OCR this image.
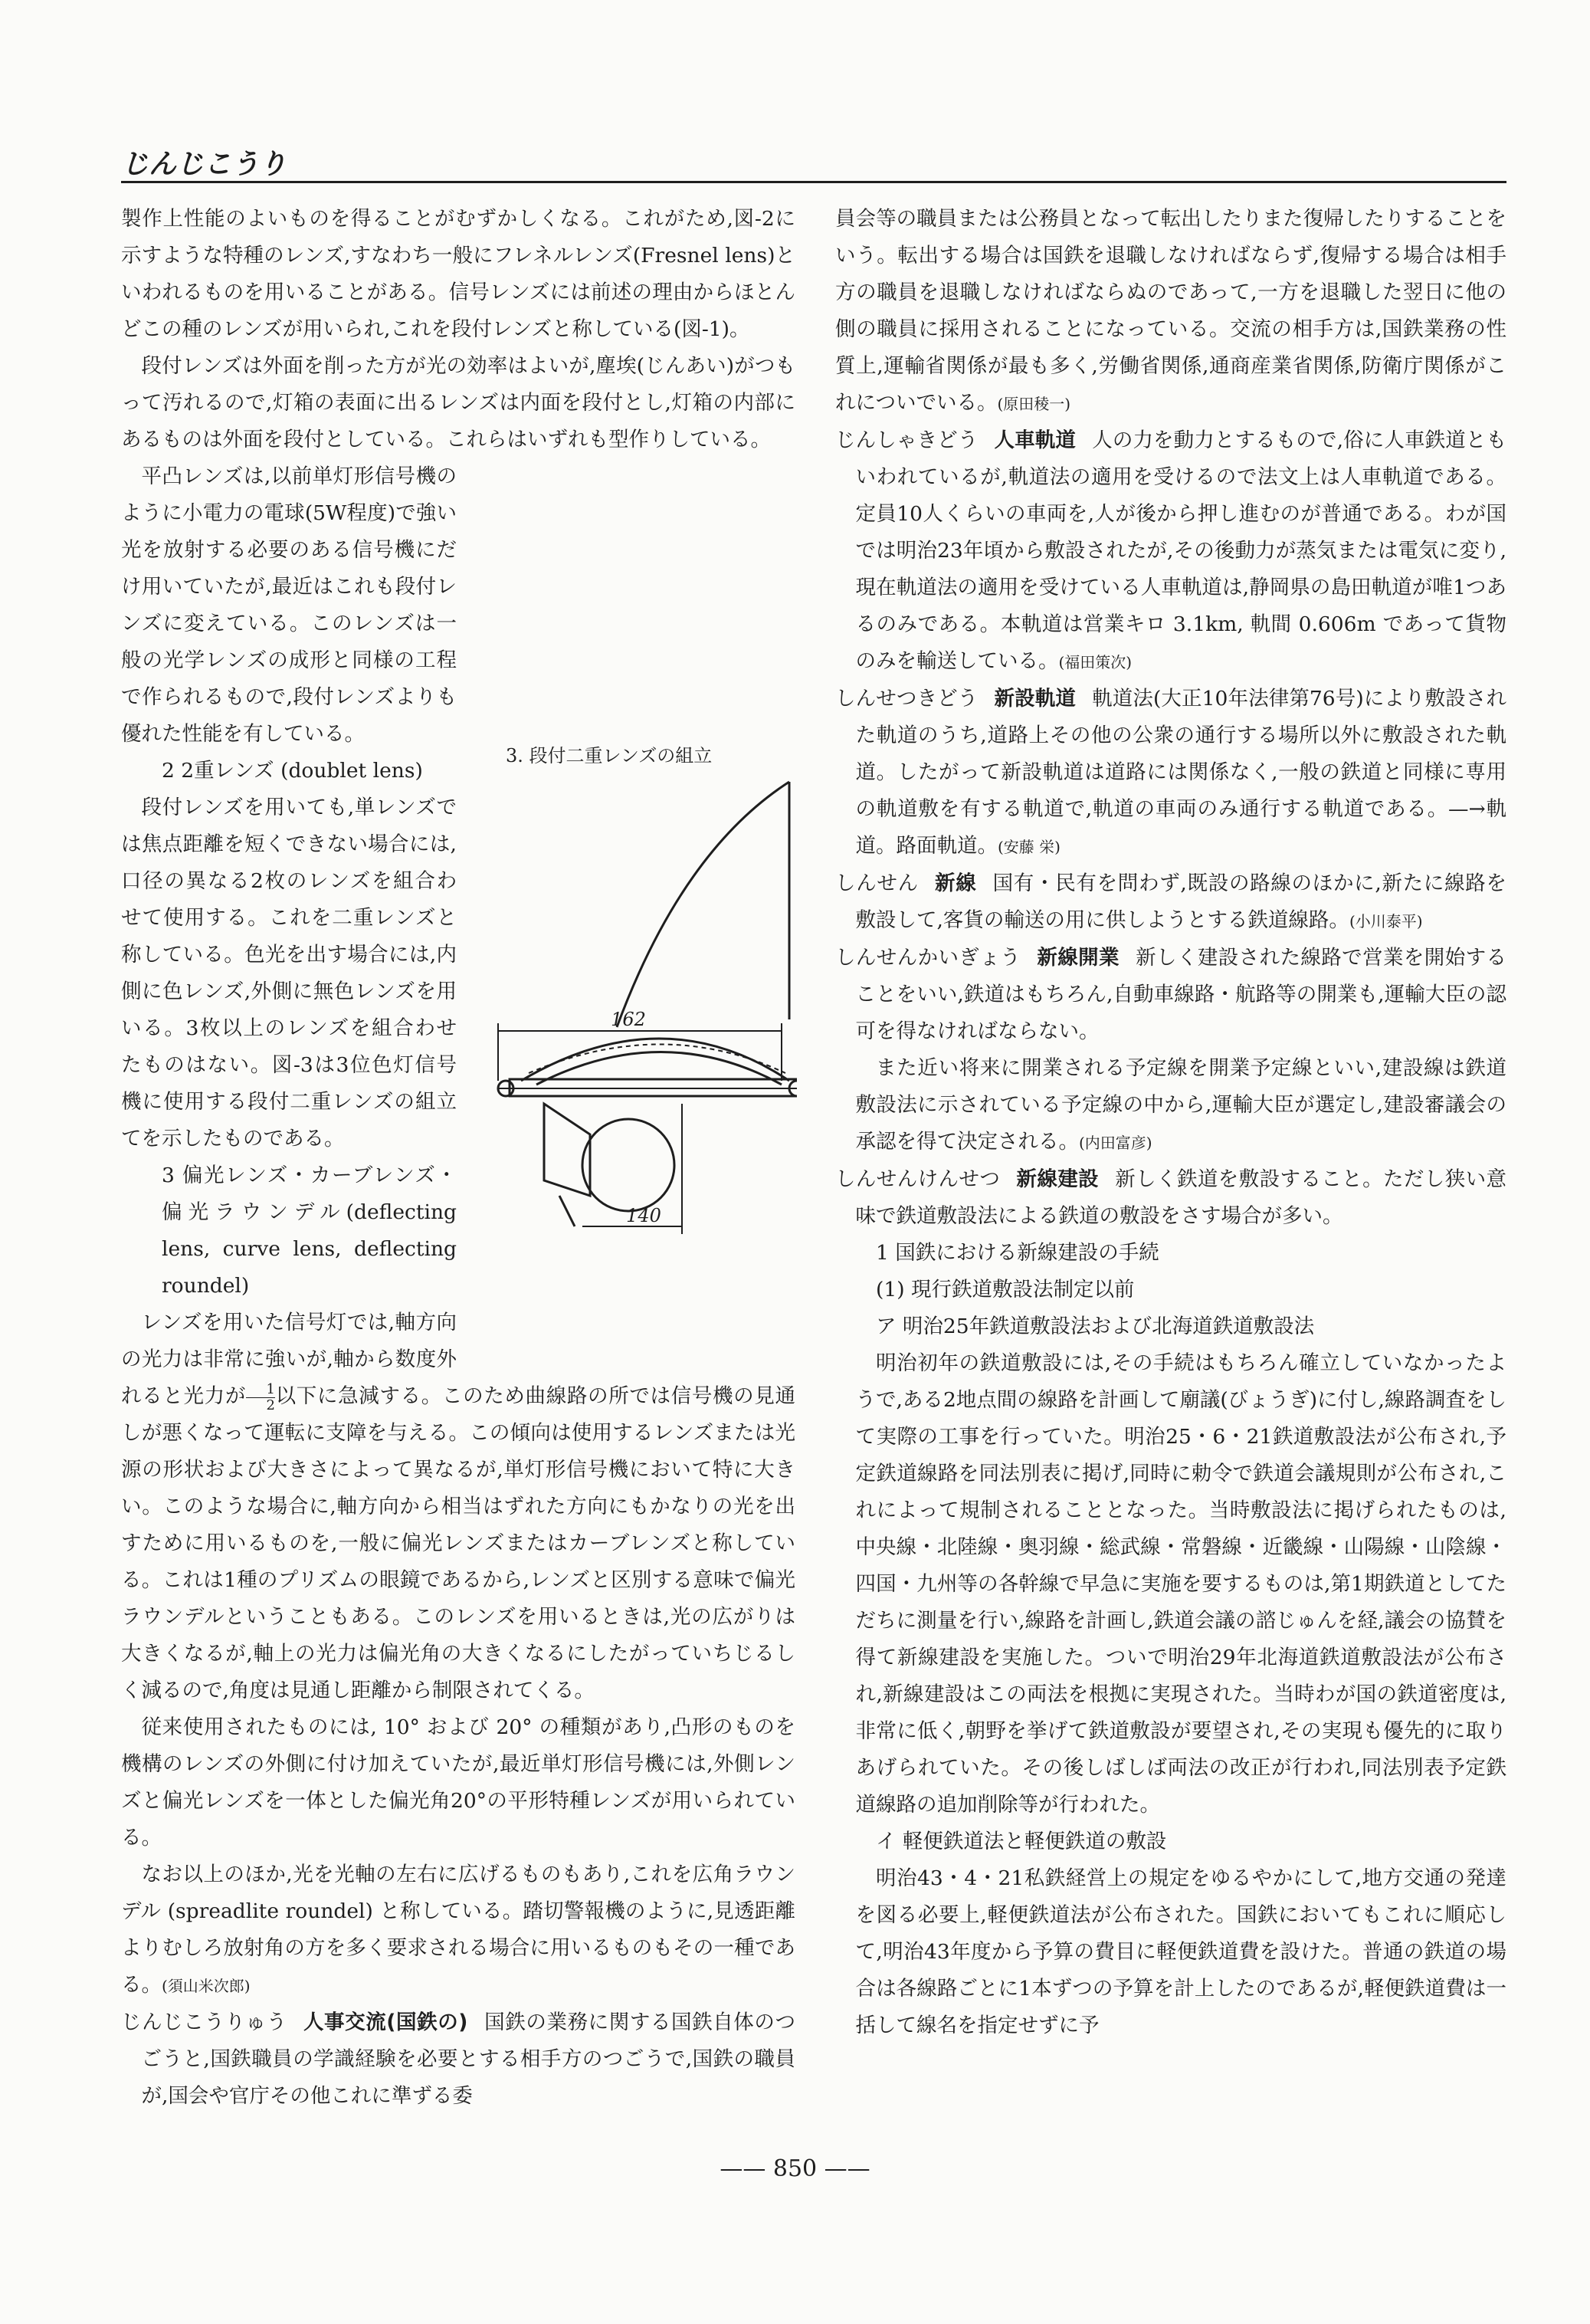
じんじこうり

製作上性能のよいものを得ることがむずかしくなる。これがため,図-2に示すような特種のレンズ,すなわち一般にフレネルレンズ(Fresnel lens)といわれるものを用いることがある。信号レンズには前述の理由からほとんどこの種のレンズが用いられ,これを段付レンズと称している(図-1)。

段付レンズは外面を削った方が光の効率はよいが,塵埃(じんあい)がつもって汚れるので,灯箱の表面に出るレンズは内面を段付とし,灯箱の内部にあるものは外面を段付としている。これらはいずれも型作りしている。

平凸レンズは,以前単灯形信号機のように小電力の電球(5W程度)で強い光を放射する必要のある信号機にだけ用いていたが,最近はこれも段付レンズに変えている。このレンズは一般の光学レンズの成形と同様の工程で作られるもので,段付レンズよりも優れた性能を有している。

2 2重レンズ (doublet lens)

段付レンズを用いても,単レンズでは焦点距離を短くできない場合には,口径の異なる2枚のレンズを組合わせて使用する。これを二重レンズと称している。色光を出す場合には,内側に色レンズ,外側に無色レンズを用いる。3枚以上のレンズを組合わせたものはない。図-3は3位色灯信号機に使用する段付二重レンズの組立てを示したものである。

3 偏光レンズ・カーブレンズ・偏光ラウンデル(deflecting lens, curve lens, deflecting roundel)

レンズを用いた信号灯では,軸方向の光力は非常に強いが,軸から数度外れると光力が $\frac{1}{2}$ 以下に急減する。このため曲線路の所では信号機の見通しが悪くなって運転に支障を与える。この傾向は使用するレンズまたは光源の形状および大きさによって異なるが,単灯形信号機において特に大きい。このような場合に,軸方向から相当はずれた方向にもかなりの光を出すために用いるものを,一般に偏光レンズまたはカーブレンズと称している。これは1種のプリズムの眼鏡であるから,レンズと区別する意味で偏光ラウンデルということもある。このレンズを用いるときは,光の広がりは大きくなるが,軸上の光力は偏光角の大きくなるにしたがっていちじるしく減るので,角度は見通し距離から制限されてくる。

従来使用されたものには, 10° および 20° の種類があり,凸形のものを機構のレンズの外側に付け加えていたが,最近単灯形信号機には,外側レンズと偏光レンズを一体とした偏光角20°の平形特種レンズが用いられている。

なお以上のほか,光を光軸の左右に広げるものもあり,これを広角ラウンデル (spreadlite roundel) と称している。踏切警報機のように,見透距離よりむしろ放射角の方を多く要求される場合に用いるものもその一種である。(須山米次郎)

じんじこうりゅう 人事交流(国鉄の) 国鉄の業務に関する国鉄自体のつごうと,国鉄職員の学識経験を必要とする相手方のつごうで,国鉄の職員が,国会や官庁その他これに準ずる委

員会等の職員または公務員となって転出したりまた復帰したりすることをいう。転出する場合は国鉄を退職しなければならず,復帰する場合は相手方の職員を退職しなければならぬのであって,一方を退職した翌日に他の側の職員に採用されることになっている。交流の相手方は,国鉄業務の性質上,運輸省関係が最も多く,労働省関係,通商産業省関係,防衛庁関係がこれについでいる。(原田稜一)

じんしゃきどう 人車軌道 人の力を動力とするもので,俗に人車鉄道ともいわれているが,軌道法の適用を受けるので法文上は人車軌道である。定員10人くらいの車両を,人が後から押し進むのが普通である。わが国では明治23年頃から敷設されたが,その後動力が蒸気または電気に変り,現在軌道法の適用を受けている人車軌道は,静岡県の島田軌道が唯1つあるのみである。本軌道は営業キロ 3.1km, 軌間 0.606m であって貨物のみを輸送している。(福田策次)

しんせつきどう 新設軌道 軌道法(大正10年法律第76号)により敷設された軌道のうち,道路上その他の公衆の通行する場所以外に敷設された軌道。したがって新設軌道は道路には関係なく,一般の鉄道と同様に専用の軌道敷を有する軌道で,軌道の車両のみ通行する軌道である。—→軌道。路面軌道。(安藤 栄)

しんせん 新線 国有・民有を問わず,既設の路線のほかに,新たに線路を敷設して,客貨の輸送の用に供しようとする鉄道線路。(小川泰平)

しんせんかいぎょう 新線開業 新しく建設された線路で営業を開始することをいい,鉄道はもちろん,自動車線路・航路等の開業も,運輸大臣の認可を得なければならない。

また近い将来に開業される予定線を開業予定線といい,建設線は鉄道敷設法に示されている予定線の中から,運輸大臣が選定し,建設審議会の承認を得て決定される。(内田富彦)

しんせんけんせつ 新線建設 新しく鉄道を敷設すること。ただし狭い意味で鉄道敷設法による鉄道の敷設をさす場合が多い。

1 国鉄における新線建設の手続

(1) 現行鉄道敷設法制定以前

ア 明治25年鉄道敷設法および北海道鉄道敷設法

明治初年の鉄道敷設には,その手続はもちろん確立していなかったようで,ある2地点間の線路を計画して廟議(びょうぎ)に付し,線路調査をして実際の工事を行っていた。明治25・6・21鉄道敷設法が公布され,予定鉄道線路を同法別表に掲げ,同時に勅令で鉄道会議規則が公布され,これによって規制されることとなった。当時敷設法に掲げられたものは,中央線・北陸線・奥羽線・総武線・常磐線・近畿線・山陽線・山陰線・四国・九州等の各幹線で早急に実施を要するものは,第1期鉄道としてただちに測量を行い,線路を計画し,鉄道会議の諮じゅんを経,議会の協賛を得て新線建設を実施した。ついで明治29年北海道鉄道敷設法が公布され,新線建設はこの両法を根拠に実現された。当時わが国の鉄道密度は,非常に低く,朝野を挙げて鉄道敷設が要望され,その実現も優先的に取りあげられていた。その後しばしば両法の改正が行われ,同法別表予定鉄道線路の追加削除等が行われた。

イ 軽便鉄道法と軽便鉄道の敷設

明治43・4・21私鉄経営上の規定をゆるやかにして,地方交通の発達を図る必要上,軽便鉄道法が公布された。国鉄においてもこれに順応して,明治43年度から予算の費目に軽便鉄道費を設けた。普通の鉄道の場合は各線路ごとに1本ずつの予算を計上したのであるが,軽便鉄道費は一括して線名を指定せずに予

3. 段付二重レンズの組立
162
140
—— 850 ——
